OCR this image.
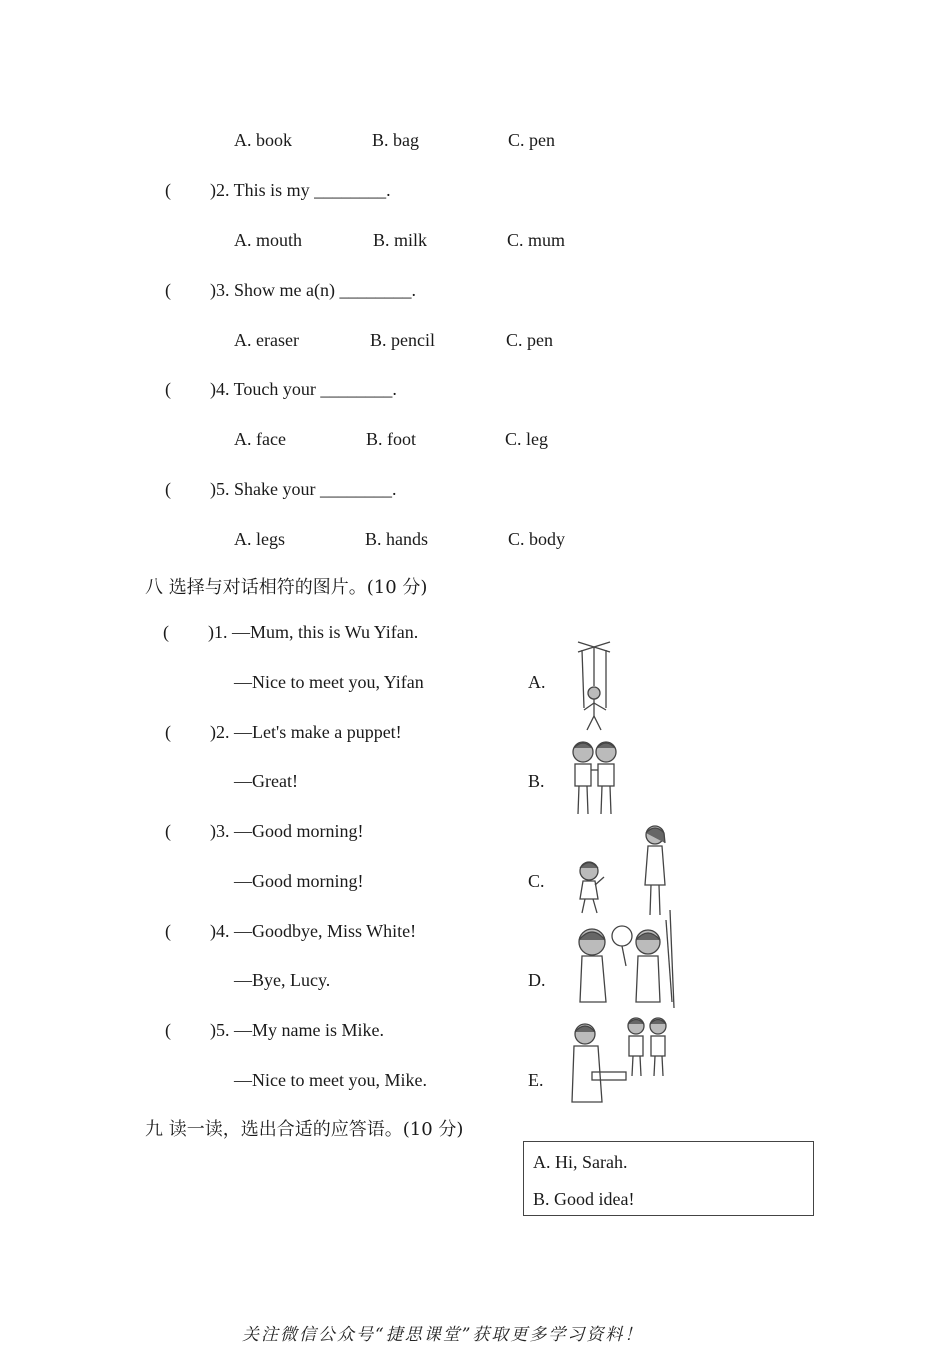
A. book	B. bag	C. pen
( )2. This is my ________.
A. mouth	B. milk	C. mum
( )3. Show me a(n) ________.
A. eraser	B. pencil	C. pen
( )4. Touch your ________.
A. face	B. foot	C. leg
( )5. Shake your ________.
A. legs	B. hands	C. body
八 选择与对话相符的图片。(10 分)
( )1. —Mum, this is Wu Yifan.
—Nice to meet you, Yifan	A.
( )2. —Let's make a puppet!
—Great!	B.
( )3. —Good morning!
—Good morning!	C.
( )4. —Goodbye, Miss White!
—Bye, Lucy.	D.
( )5. —My name is Mike.
—Nice to meet you, Mike.	E.
九 读一读，选出合适的应答语。(10 分)
A. Hi, Sarah.
B. Good idea!
关注微信公众号“捷思课堂”获取更多学习资料！
